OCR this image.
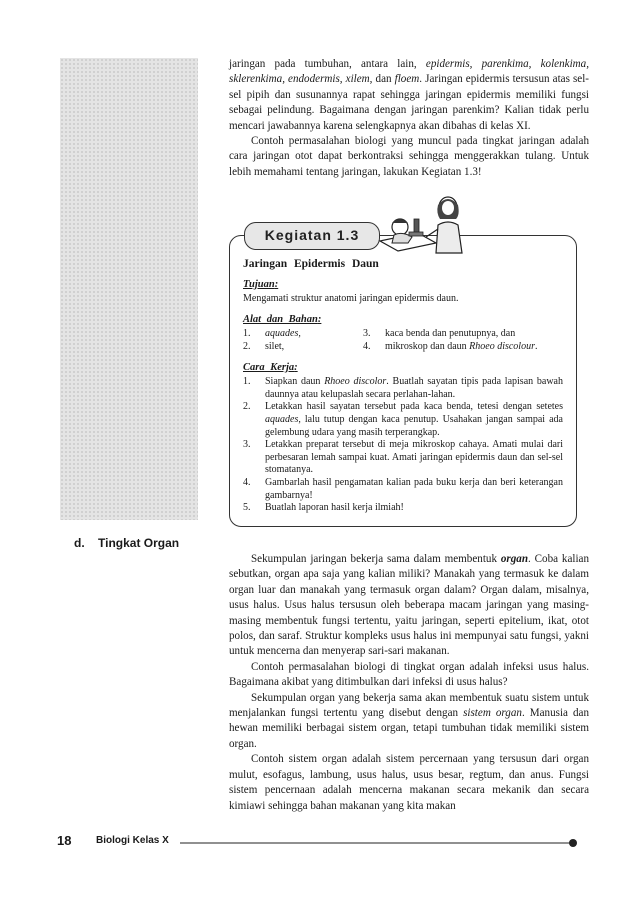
jaringan pada tumbuhan, antara lain, epidermis, parenkima, kolenkima, sklerenkima, endodermis, xilem, dan floem. Jaringan epidermis tersusun atas sel-sel pipih dan susunannya rapat sehingga jaringan epidermis memiliki fungsi sebagai pelindung. Bagaimana dengan jaringan parenkim? Kalian tidak perlu mencari jawabannya karena selengkapnya akan dibahas di kelas XI.

Contoh permasalahan biologi yang muncul pada tingkat jaringan adalah cara jaringan otot dapat berkontraksi sehingga menggerakkan tulang. Untuk lebih memahami tentang jaringan, lakukan Kegiatan 1.3!

Kegiatan 1.3

Jaringan Epidermis Daun

Tujuan:

Mengamati struktur anatomi jaringan epidermis daun.

Alat dan Bahan:

1.	aquades,
2.	silet,
3.	kaca benda dan penutupnya, dan
4.	mikroskop dan daun Rhoeo discolour.

Cara Kerja:

1.	Siapkan daun Rhoeo discolor. Buatlah sayatan tipis pada lapisan bawah daunnya atau kelupaslah secara perlahan-lahan.
2.	Letakkan hasil sayatan tersebut pada kaca benda, tetesi dengan setetes aquades, lalu tutup dengan kaca penutup. Usahakan jangan sampai ada gelembung udara yang masih terperangkap.
3.	Letakkan preparat tersebut di meja mikroskop cahaya. Amati mulai dari perbesaran lemah sampai kuat. Amati jaringan epidermis daun dan sel-sel stomatanya.
4.	Gambarlah hasil pengamatan kalian pada buku kerja dan beri keterangan gambarnya!
5.	Buatlah laporan hasil kerja ilmiah!
d. Tingkat Organ

Sekumpulan jaringan bekerja sama dalam membentuk organ. Coba kalian sebutkan, organ apa saja yang kalian miliki? Manakah yang termasuk ke dalam organ luar dan manakah yang termasuk organ dalam? Organ dalam, misalnya, usus halus. Usus halus tersusun oleh beberapa macam jaringan yang masing-masing membentuk fungsi tertentu, yaitu jaringan, seperti epitelium, ikat, otot polos, dan saraf. Struktur kompleks usus halus ini mempunyai satu fungsi, yakni untuk mencerna dan menyerap sari-sari makanan.

Contoh permasalahan biologi di tingkat organ adalah infeksi usus halus. Bagaimana akibat yang ditimbulkan dari infeksi di usus halus?

Sekumpulan organ yang bekerja sama akan membentuk suatu sistem untuk menjalankan fungsi tertentu yang disebut dengan sistem organ. Manusia dan hewan memiliki berbagai sistem organ, tetapi tumbuhan tidak memiliki sistem organ.

Contoh sistem organ adalah sistem percernaan yang tersusun dari organ mulut, esofagus, lambung, usus halus, usus besar, regtum, dan anus. Fungsi sistem pencernaan adalah mencerna makanan secara mekanik dan secara kimiawi sehingga bahan makanan yang kita makan

18 Biologi Kelas X
